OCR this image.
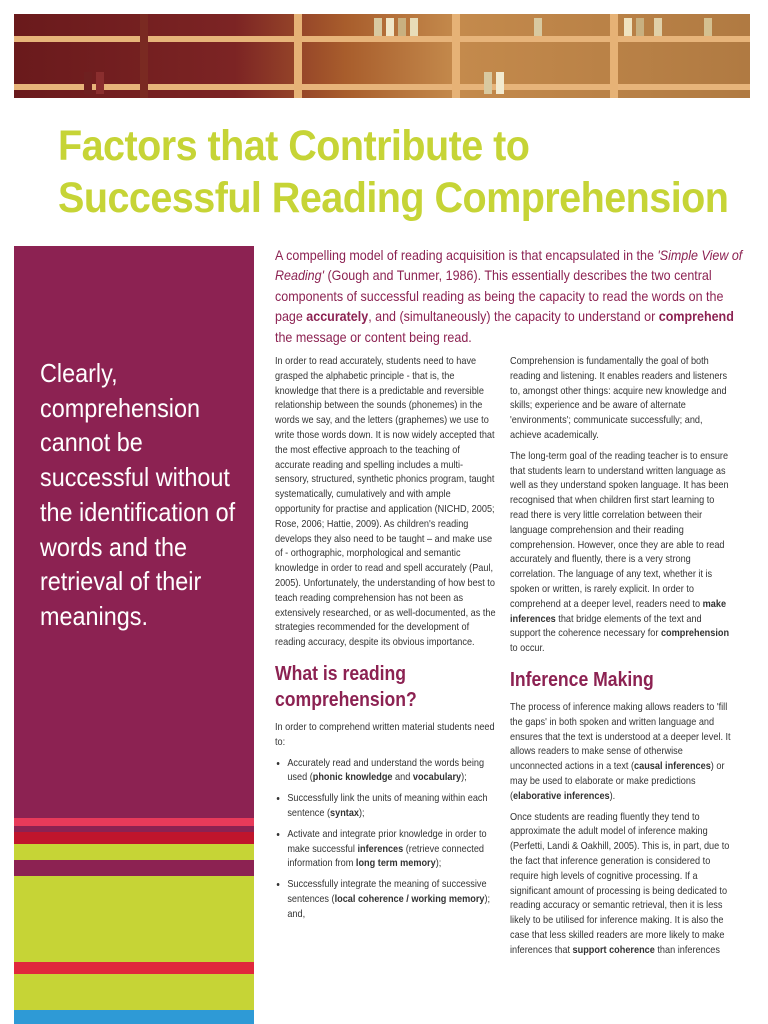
Factors that Contribute to
Successful Reading Comprehension
Clearly, comprehension cannot be successful without the identification of words and the retrieval of their meanings.
A compelling model of reading acquisition is that encapsulated in the 'Simple View of Reading' (Gough and Tunmer, 1986). This essentially describes the two central components of successful reading as being the capacity to read the words on the page accurately, and (simultaneously) the capacity to understand or comprehend the message or content being read.

In order to read accurately, students need to have grasped the alphabetic principle - that is, the knowledge that there is a predictable and reversible relationship between the sounds (phonemes) in the words we say, and the letters (graphemes) we use to write those words down. It is now widely accepted that the most effective approach to the teaching of accurate reading and spelling includes a multi-sensory, structured, synthetic phonics program, taught systematically, cumulatively and with ample opportunity for practise and application (NICHD, 2005; Rose, 2006; Hattie, 2009). As children's reading develops they also need to be taught – and make use of - orthographic, morphological and semantic knowledge in order to read and spell accurately (Paul, 2005). Unfortunately, the understanding of how best to teach reading comprehension has not been as extensively researched, or as well-documented, as the strategies recommended for the development of reading accuracy, despite its obvious importance.

What is reading comprehension?

In order to comprehend written material students need to:

• Accurately read and understand the words being used (phonic knowledge and vocabulary);
• Successfully link the units of meaning within each sentence (syntax);
• Activate and integrate prior knowledge in order to make successful inferences (retrieve connected information from long term memory);
• Successfully integrate the meaning of successive sentences (local coherence / working memory); and,

Comprehension is fundamentally the goal of both reading and listening. It enables readers and listeners to, amongst other things: acquire new knowledge and skills; experience and be aware of alternate 'environments'; communicate successfully; and, achieve academically.

The long-term goal of the reading teacher is to ensure that students learn to understand written language as well as they understand spoken language. It has been recognised that when children first start learning to read there is very little correlation between their language comprehension and their reading comprehension. However, once they are able to read accurately and fluently, there is a very strong correlation. The language of any text, whether it is spoken or written, is rarely explicit. In order to comprehend at a deeper level, readers need to make inferences that bridge elements of the text and support the coherence necessary for comprehension to occur.

Inference Making

The process of inference making allows readers to 'fill the gaps' in both spoken and written language and ensures that the text is understood at a deeper level. It allows readers to make sense of otherwise unconnected actions in a text (causal inferences) or may be used to elaborate or make predictions (elaborative inferences).

Once students are reading fluently they tend to approximate the adult model of inference making (Perfetti, Landi & Oakhill, 2005). This is, in part, due to the fact that inference generation is considered to require high levels of cognitive processing. If a significant amount of processing is being dedicated to reading accuracy or semantic retrieval, then it is less likely to be utilised for inference making. It is also the case that less skilled readers are more likely to make inferences that support coherence than inferences
